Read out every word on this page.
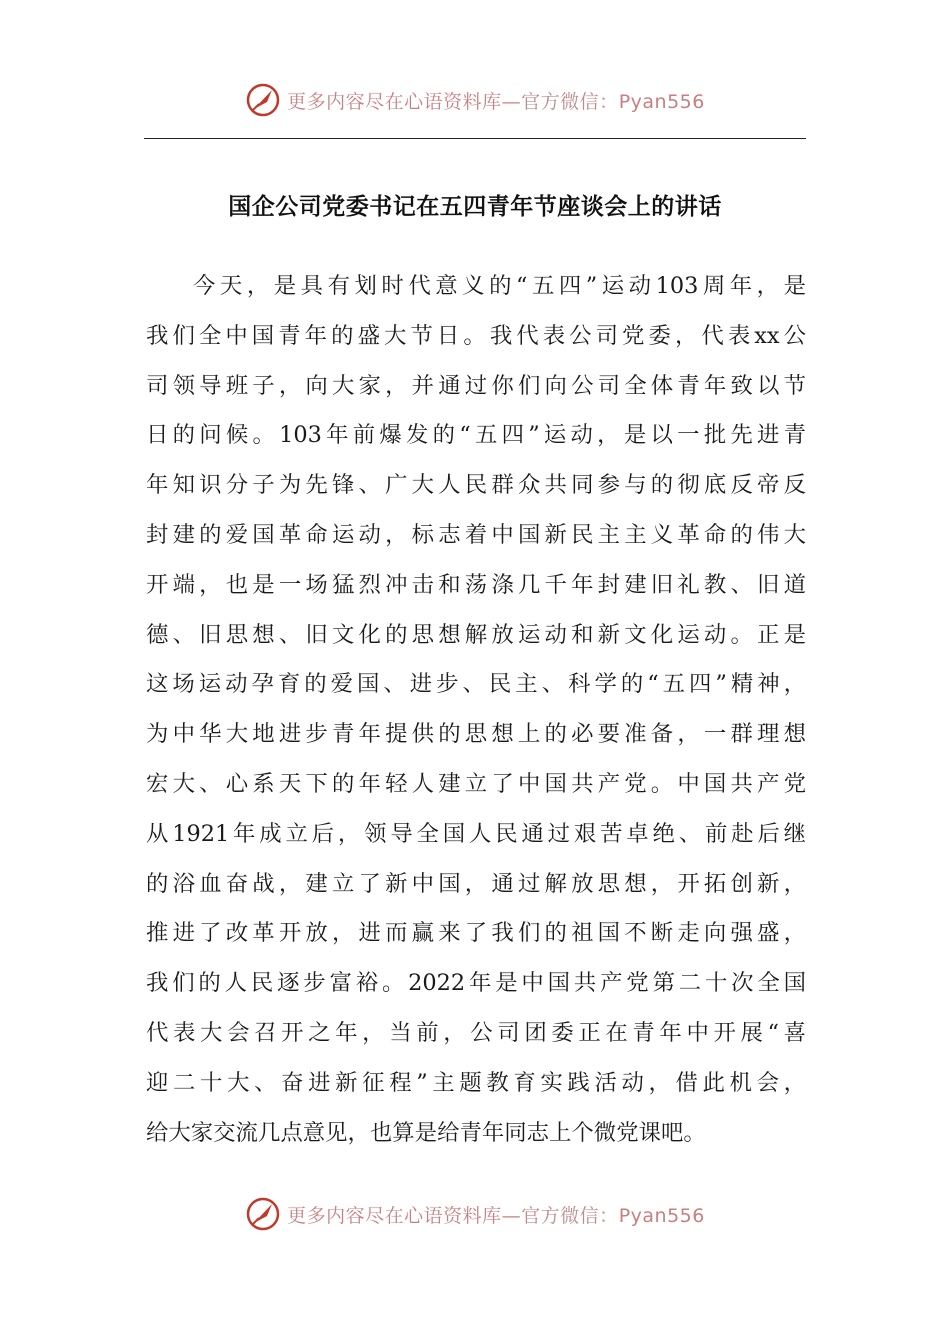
更多内容尽在心语资料库—官方微信：Pyan556
国企公司党委书记在五四青年节座谈会上的讲话
今天，是具有划时代意义的“五四”运动103周年，是
我们全中国青年的盛大节日。我代表公司党委，代表xx公
司领导班子，向大家，并通过你们向公司全体青年致以节
日的问候。103年前爆发的“五四”运动，是以一批先进青
年知识分子为先锋、广大人民群众共同参与的彻底反帝反
封建的爱国革命运动，标志着中国新民主主义革命的伟大
开端，也是一场猛烈冲击和荡涤几千年封建旧礼教、旧道
德、旧思想、旧文化的思想解放运动和新文化运动。正是
这场运动孕育的爱国、进步、民主、科学的“五四”精神，
为中华大地进步青年提供的思想上的必要准备，一群理想
宏大、心系天下的年轻人建立了中国共产党。中国共产党
从1921年成立后，领导全国人民通过艰苦卓绝、前赴后继
的浴血奋战，建立了新中国，通过解放思想，开拓创新，
推进了改革开放，进而赢来了我们的祖国不断走向强盛，
我们的人民逐步富裕。2022年是中国共产党第二十次全国
代表大会召开之年，当前，公司团委正在青年中开展“喜
迎二十大、奋进新征程”主题教育实践活动，借此机会，
给大家交流几点意见，也算是给青年同志上个微党课吧。
更多内容尽在心语资料库—官方微信：Pyan556
